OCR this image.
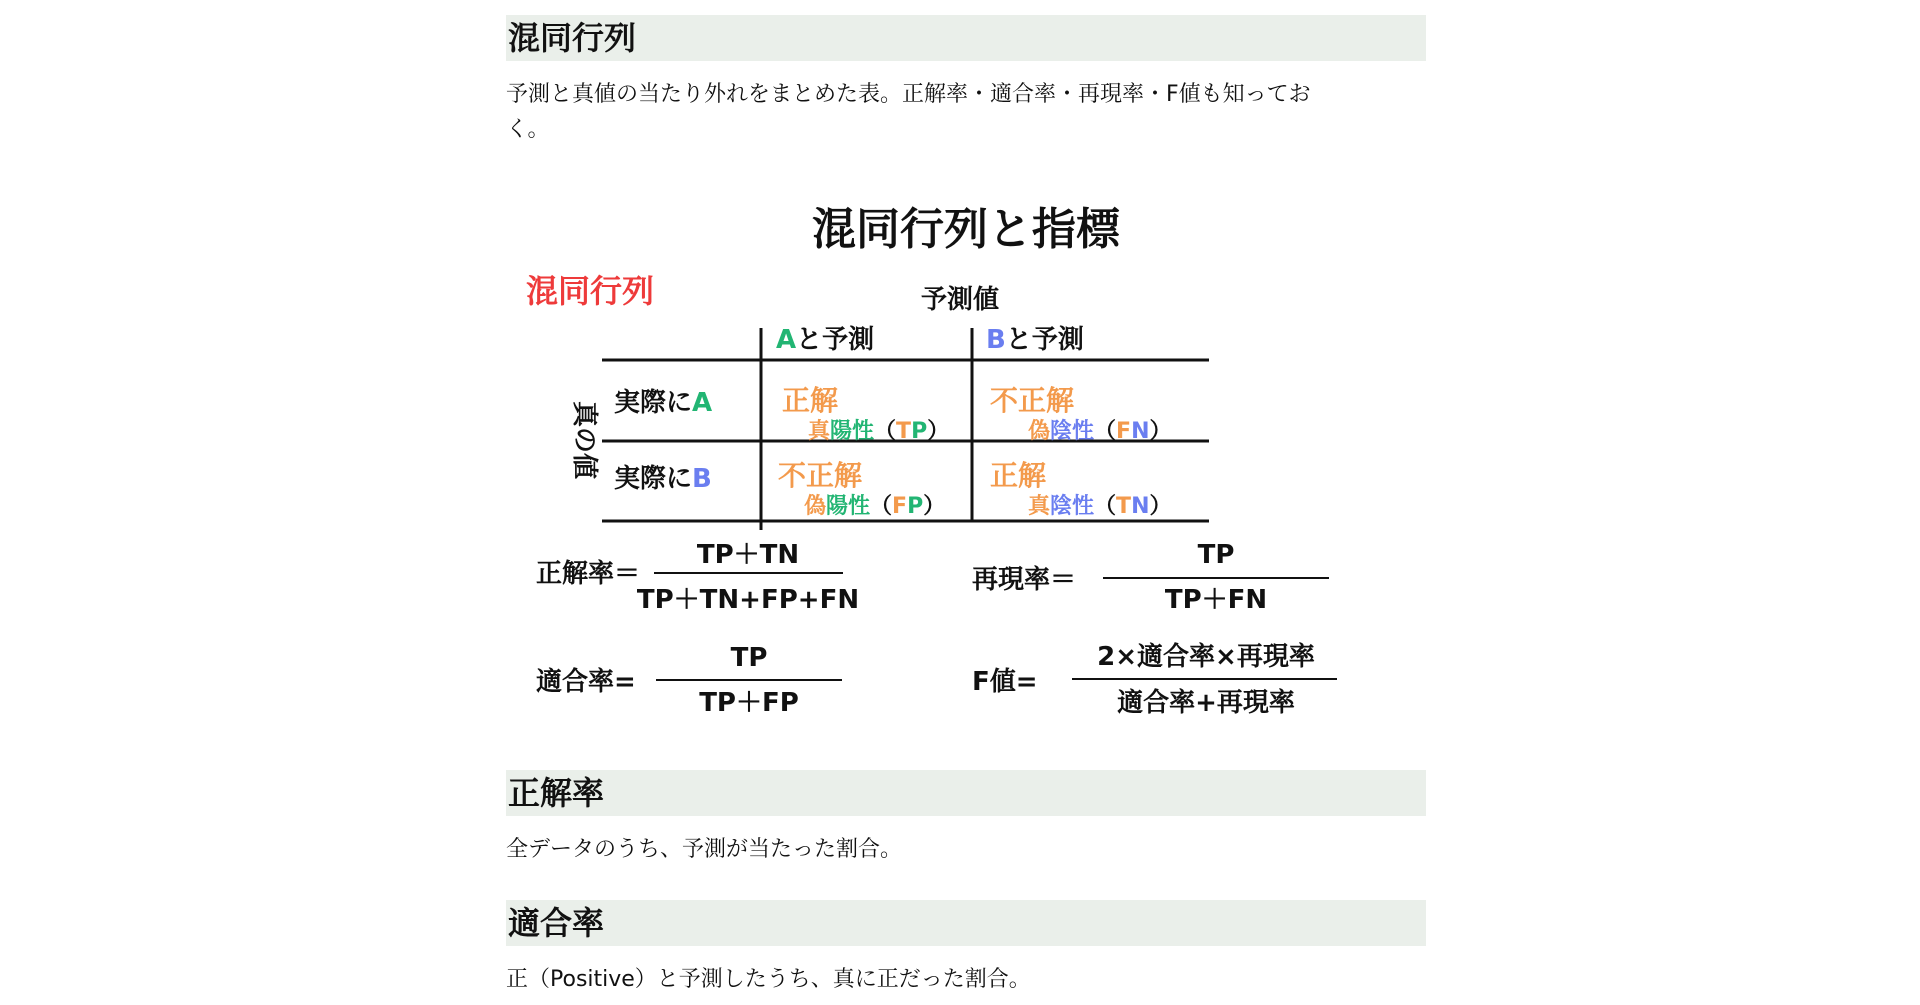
混同行列
予測と真値の当たり外れをまとめた表。正解率・適合率・再現率・F値も知ってお
く。
混同行列と指標
混同行列	予測値
Aと予測	Bと予測
真の値 実際にA
実際にB
正解
真陽性（TP）
不正解
偽陰性（FN）
不正解
偽陽性（FP）
正解
真陰性（TN）
正解率＝
TP＋TN
TP＋TN+FP+FN
再現率＝
TP
TP＋FN
適合率=
TP
TP＋FP
F値=
2×適合率×再現率
適合率+再現率
正解率
全データのうち、予測が当たった割合。
適合率
正（Positive）と予測したうち、真に正だった割合。
